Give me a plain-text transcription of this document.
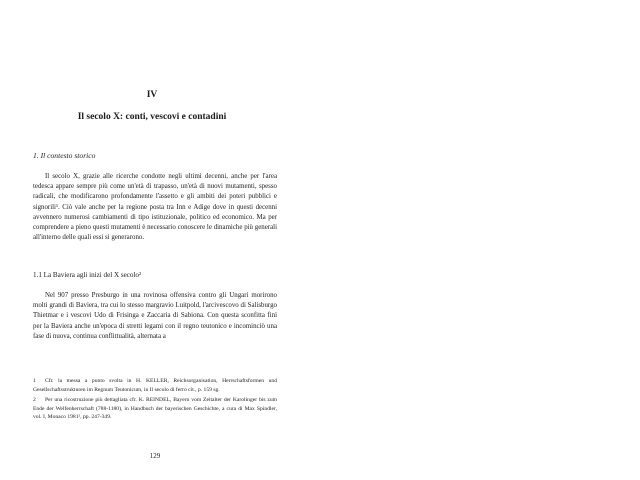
IV
Il secolo X: conti, vescovi e contadini
1. Il contesto storico

Il secolo X, grazie alle ricerche condotte negli ultimi decenni, anche per l'area tedesca appare sempre più come un'età di trapasso, un'età di nuovi mutamenti, spesso radicali, che modificarono profondamente l'assetto e gli ambiti dei poteri pubblici e signorili¹. Ciò vale anche per la regione posta tra Inn e Adige dove in questi decenni avvennero numerosi cambiamenti di tipo istituzionale, politico ed economico. Ma per comprendere a pieno questi mutamenti è necessario conoscere le dinamiche più generali all'interno delle quali essi si generarono.

1.1 La Baviera agli inizi del X secolo²

Nel 907 presso Presburgo in una rovinosa offensiva contro gli Ungari morirono molti grandi di Baviera, tra cui lo stesso margravio Luitpold, l'arcivescovo di Salisburgo Thietmar e i vescovi Udo di Frisinga e Zaccaria di Sabiona. Con questa sconfitta finì per la Baviera anche un'epoca di stretti legami con il regno teutonico e incominciò una fase di nuova, continua conflittualità, alternata a

1 Cfr. la messa a punto svolta in H. KELLER, Reichsorganisation, Herrschaftsformen und Gesellschaftsstrukturen im Regnum Teutonicum, in Il secolo di ferro cit., p. 159 sg.

2 Per una ricostruzione più dettagliata cfr. K. REINDEL, Bayern vom Zeitalter der Karolinger bis zum Ende der Welfenherrschaft (788-1180), in Handbuch der bayerischen Geschichte, a cura di Max Spindler, vol. I, Monaco 1981², pp. 247-349.

129
